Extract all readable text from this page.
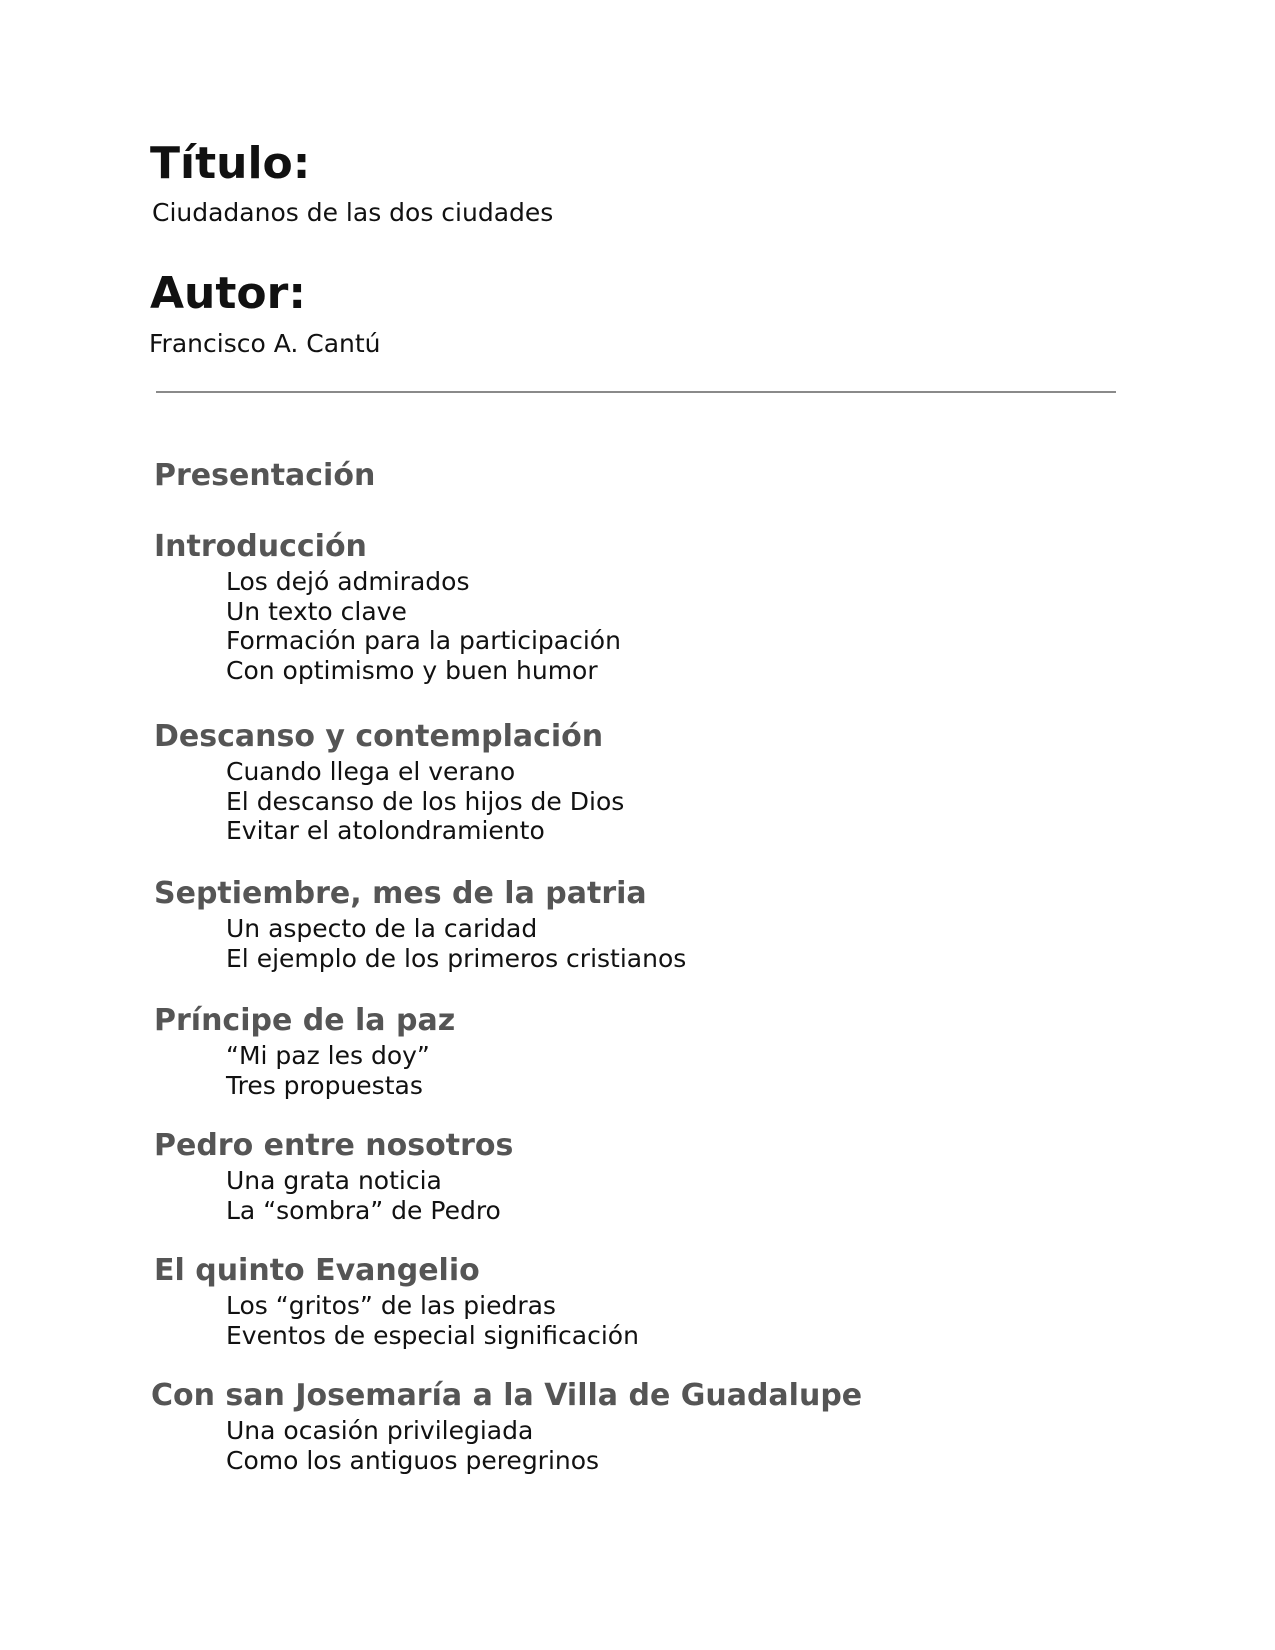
Título:

Ciudadanos de las dos ciudades

Autor:

Francisco A. Cantú

Presentación
Introducción
Los dejó admirados
Un texto clave
Formación para la participación
Con optimismo y buen humor
Descanso y contemplación
Cuando llega el verano
El descanso de los hijos de Dios
Evitar el atolondramiento
Septiembre, mes de la patria
Un aspecto de la caridad
El ejemplo de los primeros cristianos
Príncipe de la paz
“Mi paz les doy”
Tres propuestas
Pedro entre nosotros
Una grata noticia
La “sombra” de Pedro
El quinto Evangelio
Los “gritos” de las piedras
Eventos de especial significación
Con san Josemaría a la Villa de Guadalupe
Una ocasión privilegiada
Como los antiguos peregrinos
